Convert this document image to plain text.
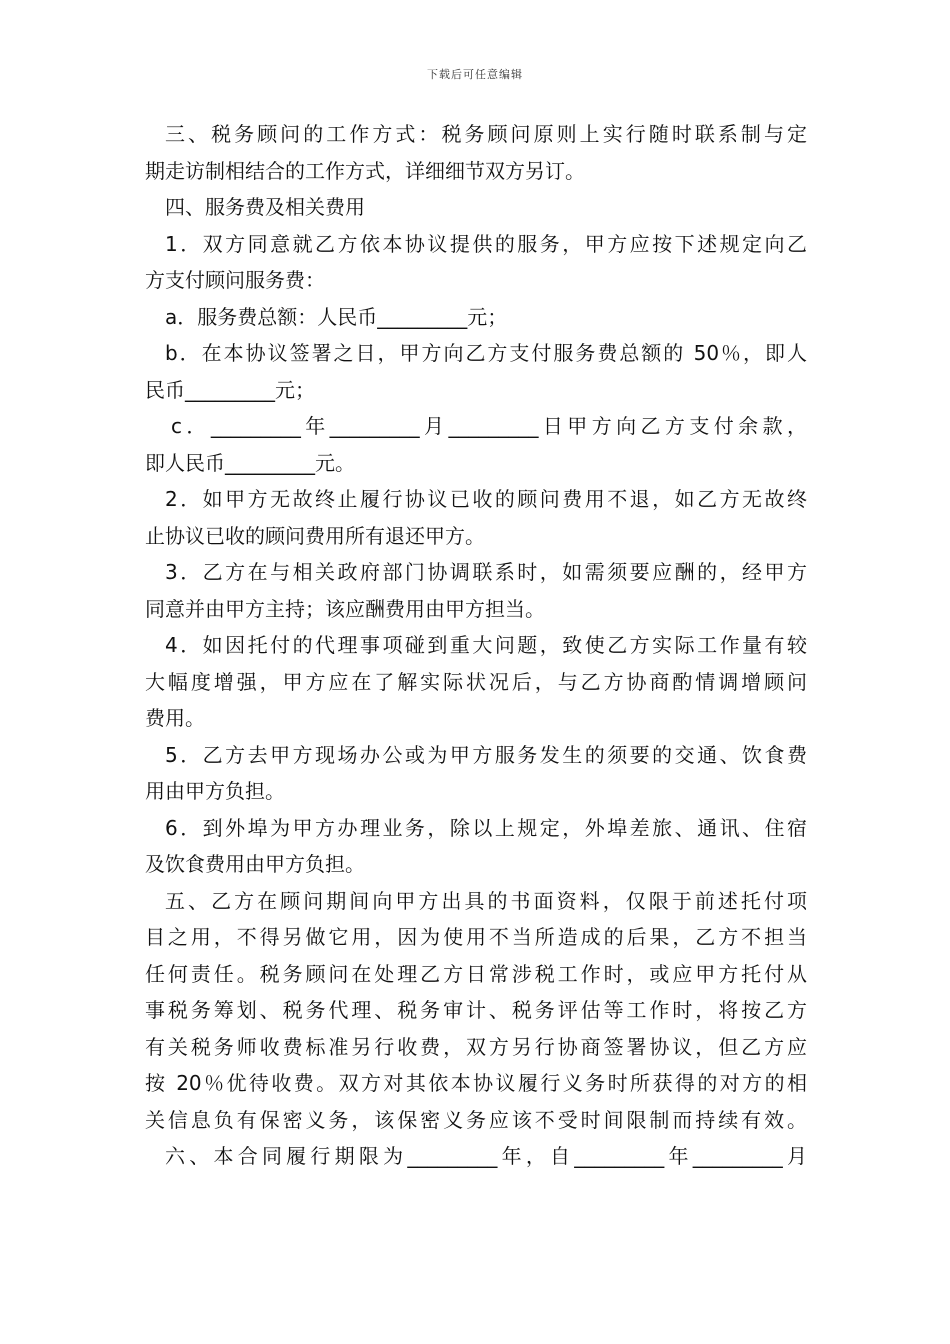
下载后可任意编辑
三、税务顾问的工作方式：税务顾问原则上实行随时联系制与定
期走访制相结合的工作方式，详细细节双方另订。
四、服务费及相关费用
1．双方同意就乙方依本协议提供的服务，甲方应按下述规定向乙
方支付顾问服务费：
a．服务费总额：人民币_________元；
b．在本协议签署之日，甲方向乙方支付服务费总额的 50％，即人
民币_________元；
c．_________年_________月_________日甲方向乙方支付余款，
即人民币_________元。
2．如甲方无故终止履行协议已收的顾问费用不退，如乙方无故终
止协议已收的顾问费用所有退还甲方。
3．乙方在与相关政府部门协调联系时，如需须要应酬的，经甲方
同意并由甲方主持；该应酬费用由甲方担当。
4．如因托付的代理事项碰到重大问题，致使乙方实际工作量有较
大幅度增强，甲方应在了解实际状况后，与乙方协商酌情调增顾问
费用。
5．乙方去甲方现场办公或为甲方服务发生的须要的交通、饮食费
用由甲方负担。
6．到外埠为甲方办理业务，除以上规定，外埠差旅、通讯、住宿
及饮食费用由甲方负担。
五、乙方在顾问期间向甲方出具的书面资料，仅限于前述托付项
目之用，不得另做它用，因为使用不当所造成的后果，乙方不担当
任何责任。税务顾问在处理乙方日常涉税工作时，或应甲方托付从
事税务筹划、税务代理、税务审计、税务评估等工作时，将按乙方
有关税务师收费标准另行收费，双方另行协商签署协议，但乙方应
按 20％优待收费。双方对其依本协议履行义务时所获得的对方的相
关信息负有保密义务，该保密义务应该不受时间限制而持续有效。
六、本合同履行期限为_________年，自_________年_________月
